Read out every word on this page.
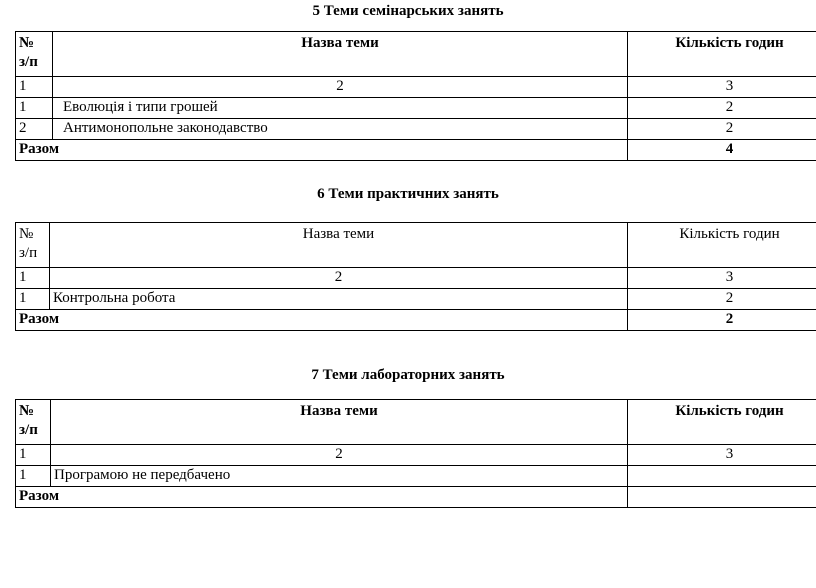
5 Теми семінарських занять
№
з/п	Назва теми	Кількість годин
1	2	3
1	Еволюція і типи грошей	2
2	Антимонопольне законодавство	2
Разом		4
6 Теми практичних занять
№
з/п	Назва теми	Кількість годин
1	2	3
1	Контрольна робота	2
Разом		2
7 Теми лабораторних занять
№
з/п	Назва теми	Кількість годин
1	2	3
1	Програмою не передбачено	
Разом		
